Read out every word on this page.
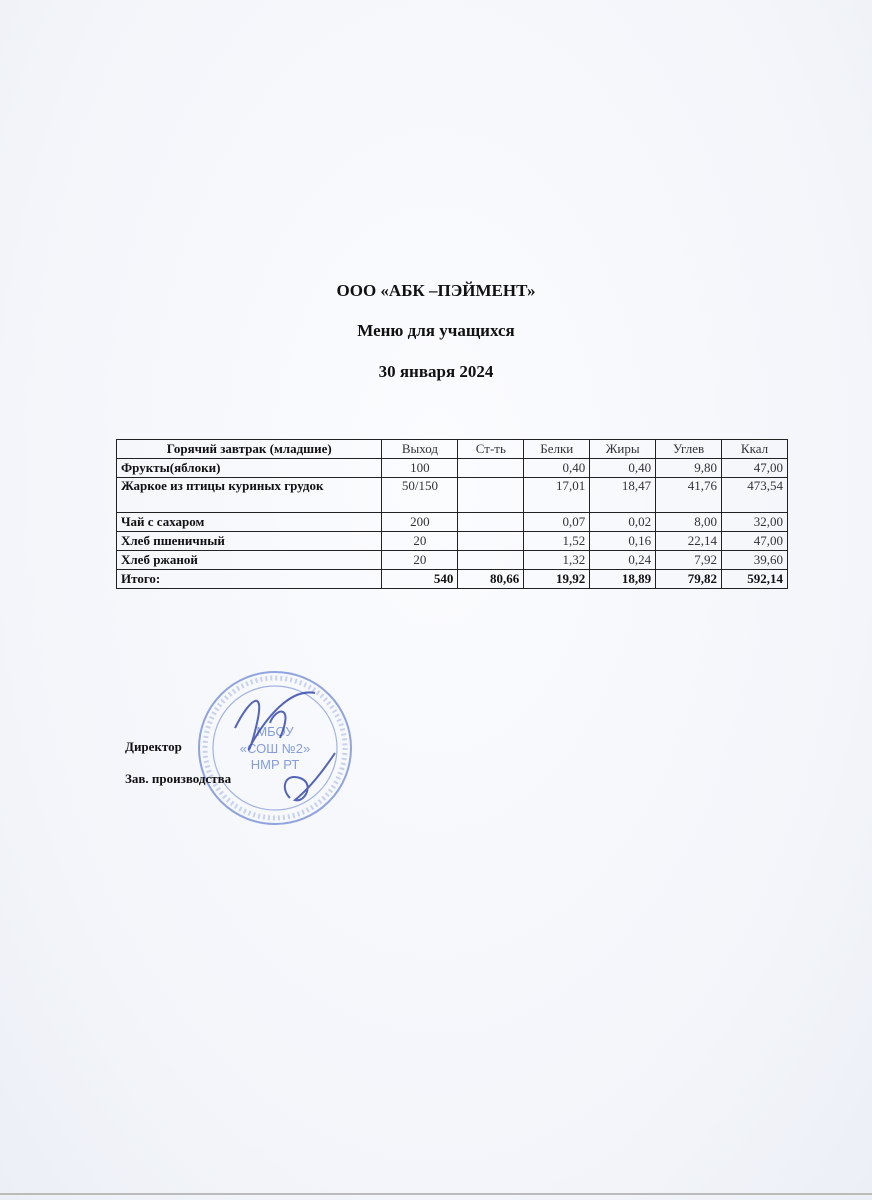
ООО «АБК –ПЭЙМЕНТ»
Меню для учащихся
30 января 2024
Горячий завтрак (младшие)	Выход	Ст-ть	Белки	Жиры	Углев	Ккал
Фрукты(яблоки)	100		0,40	0,40	9,80	47,00
Жаркое из птицы куриных грудок	50/150		17,01	18,47	41,76	473,54
Чай с сахаром	200		0,07	0,02	8,00	32,00
Хлеб пшеничный	20		1,52	0,16	22,14	47,00
Хлеб ржаной	20		1,32	0,24	7,92	39,60
Итого:	540	80,66	19,92	18,89	79,82	592,14
МБОУ
«СОШ №2»
НМР РТ
Директор
Зав. производства
